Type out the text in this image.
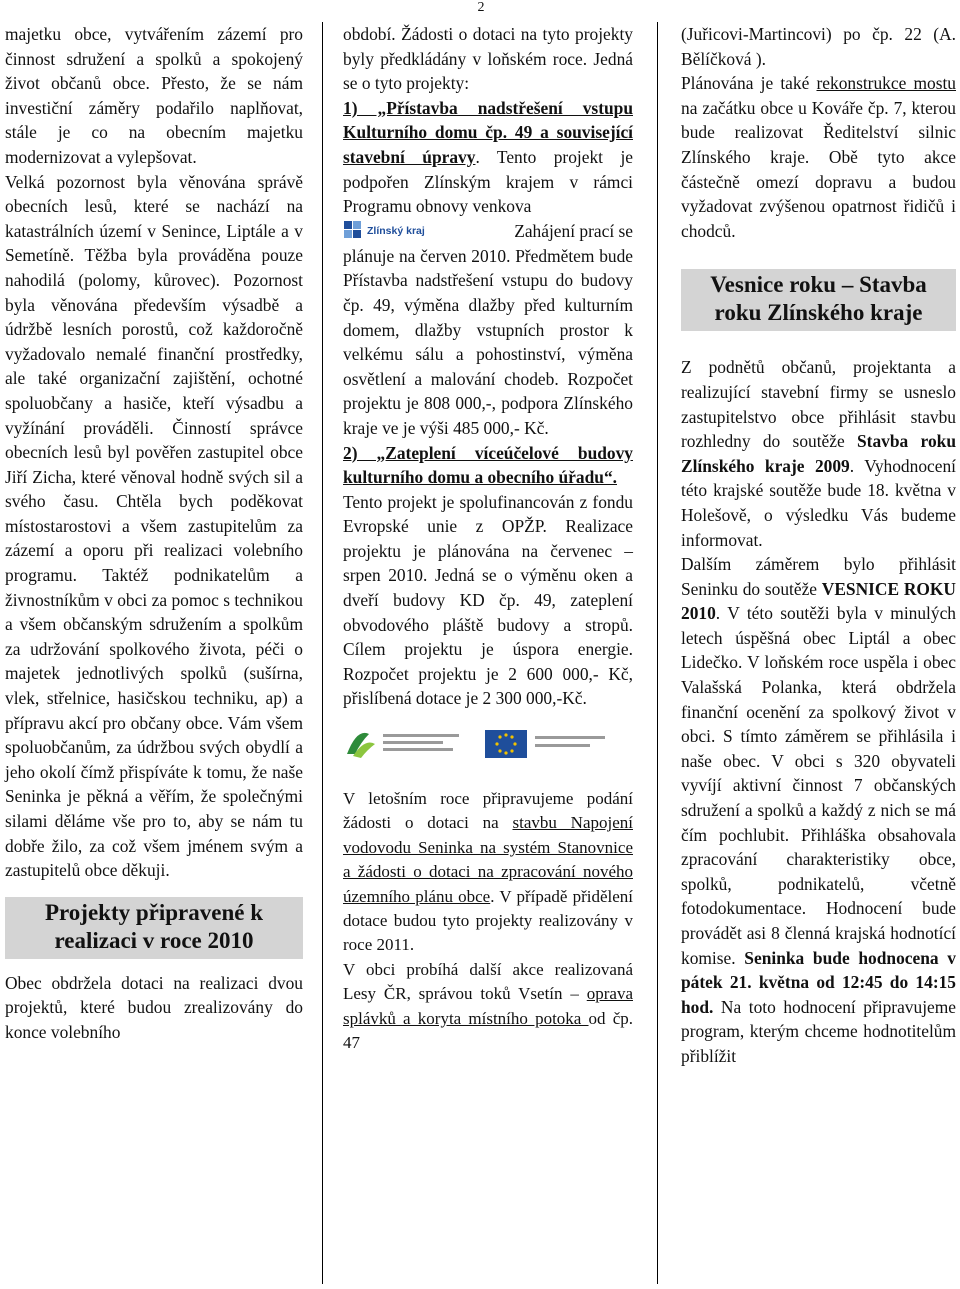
2

majetku obce, vytvářením zázemí pro činnost sdružení a spolků a spokojený život občanů obce. Přesto, že se nám investiční záměry podařilo naplňovat, stále je co na obecním majetku modernizovat a vylepšovat.

Velká pozornost byla věnována správě obecních lesů, které se nachází na katastrálních území v Senince, Liptále a v Semetíně. Těžba byla prováděna pouze nahodilá (polomy, kůrovec). Pozornost byla věnována především výsadbě a údržbě lesních porostů, což každoročně vyžadovalo nemalé finanční prostředky, ale také organizační zajištění, ochotné spoluobčany a hasiče, kteří výsadbu a vyžínání prováděli. Činností správce obecních lesů byl pověřen zastupitel obce Jiří Zicha, které věnoval hodně svých sil a svého času. Chtěla bych poděkovat místostarostovi a všem zastupitelům za zázemí a oporu při realizaci volebního programu. Taktéž podnikatelům a živnostníkům v obci za pomoc s technikou a všem občanským sdružením a spolkům za udržování spolkového života, péči o majetek jednotlivých spolků (sušírna, vlek, střelnice, hasičskou techniku, ap) a přípravu akcí pro občany obce. Vám všem spoluobčanům, za údržbou svých obydlí a jeho okolí čímž přispíváte k tomu, že naše Seninka je pěkná a věřím, že společnými silami děláme vše pro to, aby se nám tu dobře žilo, za což všem jménem svým a zastupitelů obce děkuji.

Projekty připravené k realizaci v roce 2010

Obec obdržela dotaci na realizaci dvou projektů, které budou zrealizovány do konce volebního

období. Žádosti o dotaci na tyto projekty byly předkládány v loňském roce. Jedná se o tyto projekty:

1) „Přístavba nadstřešení vstupu Kulturního domu čp. 49 a související stavební úpravy. Tento projekt je podpořen Zlínským krajem v rámci Programu obnovy venkova

Zlínský kraj	Zahájení prací se

plánuje na červen 2010. Předmětem bude Přístavba nadstřešení vstupu do budovy čp. 49, výměna dlažby před kulturním domem, dlažby vstupních prostor k velkému sálu a pohostinství, výměna osvětlení a malování chodeb. Rozpočet projektu je 808 000,-, podpora Zlínského kraje ve je výši 485 000,- Kč.

2) „Zateplení víceúčelové budovy kulturního domu a obecního úřadu“.

Tento projekt je spolufinancován z fondu Evropské unie z OPŽP. Realizace projektu je plánována na červenec – srpen 2010. Jedná se o výměnu oken a dveří budovy KD čp. 49, zateplení obvodového pláště budovy a stropů. Cílem projektu je úspora energie. Rozpočet projektu je 2 600 000,- Kč, přislíbená dotace je 2 300 000,-Kč.

V letošním roce připravujeme podání žádosti o dotaci na stavbu Napojení vodovodu Seninka na systém Stanovnice a žádosti o dotaci na zpracování nového územního plánu obce. V případě přidělení dotace budou tyto projekty realizovány v roce 2011.

V obci probíhá další akce realizovaná Lesy ČR, správou toků Vsetín – oprava splávků a koryta místního potoka od čp. 47

(Juřicovi-Martincovi) po čp. 22 (A. Bělíčková ).

Plánována je také rekonstrukce mostu na začátku obce u Kováře čp. 7, kterou bude realizovat Ředitelství silnic Zlínského kraje. Obě tyto akce částečně omezí dopravu a budou vyžadovat zvýšenou opatrnost řidičů i chodců.

Vesnice roku – Stavba roku Zlínského kraje

Z podnětů občanů, projektanta a realizující stavební firmy se usneslo zastupitelstvo obce přihlásit stavbu rozhledny do soutěže Stavba roku Zlínského kraje 2009. Vyhodnocení této krajské soutěže bude 18. května v Holešově, o výsledku Vás budeme informovat.

Dalším záměrem bylo přihlásit Seninku do soutěže VESNICE ROKU 2010. V této soutěži byla v minulých letech úspěšná obec Liptál a obec Lidečko. V loňském roce uspěla i obec Valašská Polanka, která obdržela finanční ocenění za spolkový život v obci. S tímto záměrem se přihlásila i naše obec. V obci s 320 obyvateli vyvíjí aktivní činnost 7 občanských sdružení a spolků a každý z nich se má čím pochlubit. Přihláška obsahovala zpracování charakteristiky obce, spolků, podnikatelů, včetně fotodokumentace. Hodnocení bude provádět asi 8 členná krajská hodnotící komise. Seninka bude hodnocena v pátek 21. května od 12:45 do 14:15 hod. Na toto hodnocení připravujeme program, kterým chceme hodnotitelům přiblížit
